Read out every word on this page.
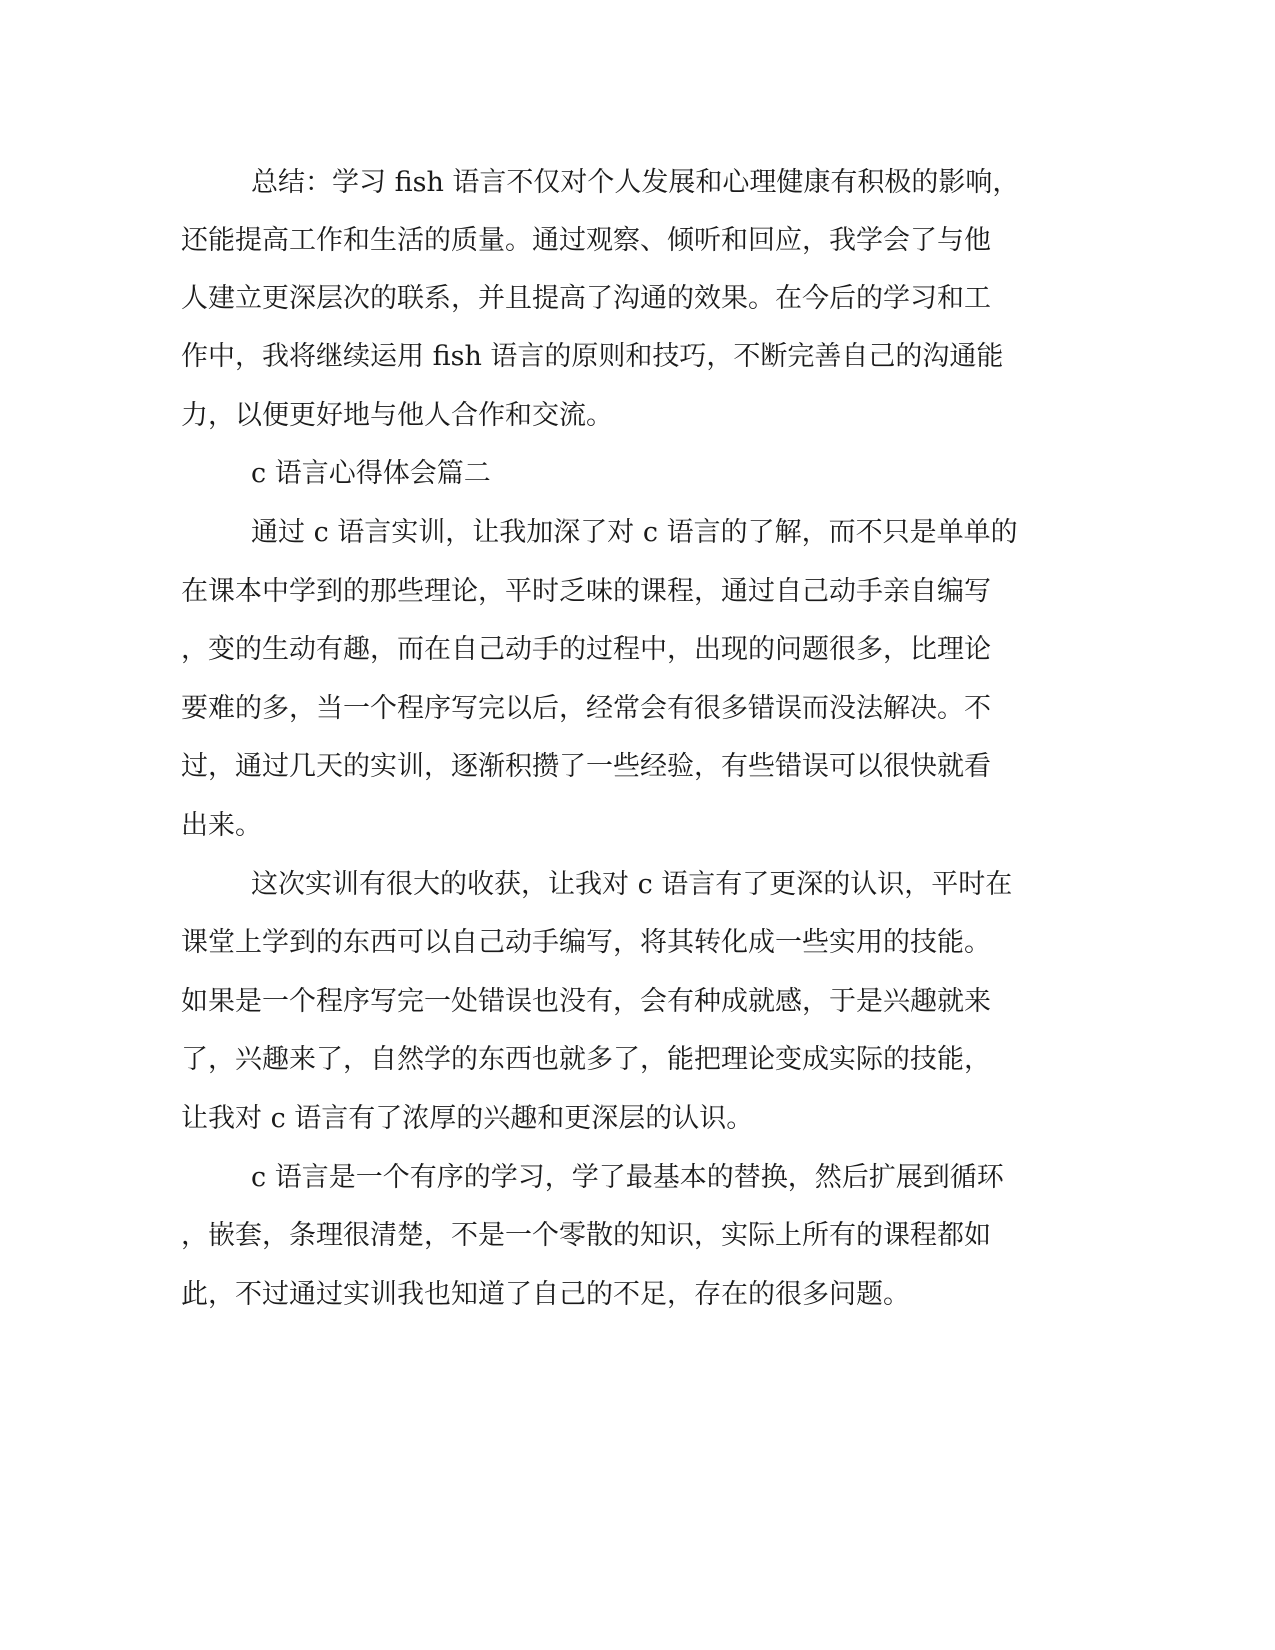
总结：学习 fish 语言不仅对个人发展和心理健康有积极的影响，
还能提高工作和生活的质量。通过观察、倾听和回应，我学会了与他
人建立更深层次的联系，并且提高了沟通的效果。在今后的学习和工
作中，我将继续运用 fish 语言的原则和技巧，不断完善自己的沟通能
力，以便更好地与他人合作和交流。
c 语言心得体会篇二
通过 c 语言实训，让我加深了对 c 语言的了解，而不只是单单的
在课本中学到的那些理论，平时乏味的课程，通过自己动手亲自编写
，变的生动有趣，而在自己动手的过程中，出现的问题很多，比理论
要难的多，当一个程序写完以后，经常会有很多错误而没法解决。不
过，通过几天的实训，逐渐积攒了一些经验，有些错误可以很快就看
出来。
这次实训有很大的收获，让我对 c 语言有了更深的认识，平时在
课堂上学到的东西可以自己动手编写，将其转化成一些实用的技能。
如果是一个程序写完一处错误也没有，会有种成就感，于是兴趣就来
了，兴趣来了，自然学的东西也就多了，能把理论变成实际的技能，
让我对 c 语言有了浓厚的兴趣和更深层的认识。
c 语言是一个有序的学习，学了最基本的替换，然后扩展到循环
，嵌套，条理很清楚，不是一个零散的知识，实际上所有的课程都如
此，不过通过实训我也知道了自己的不足，存在的很多问题。
